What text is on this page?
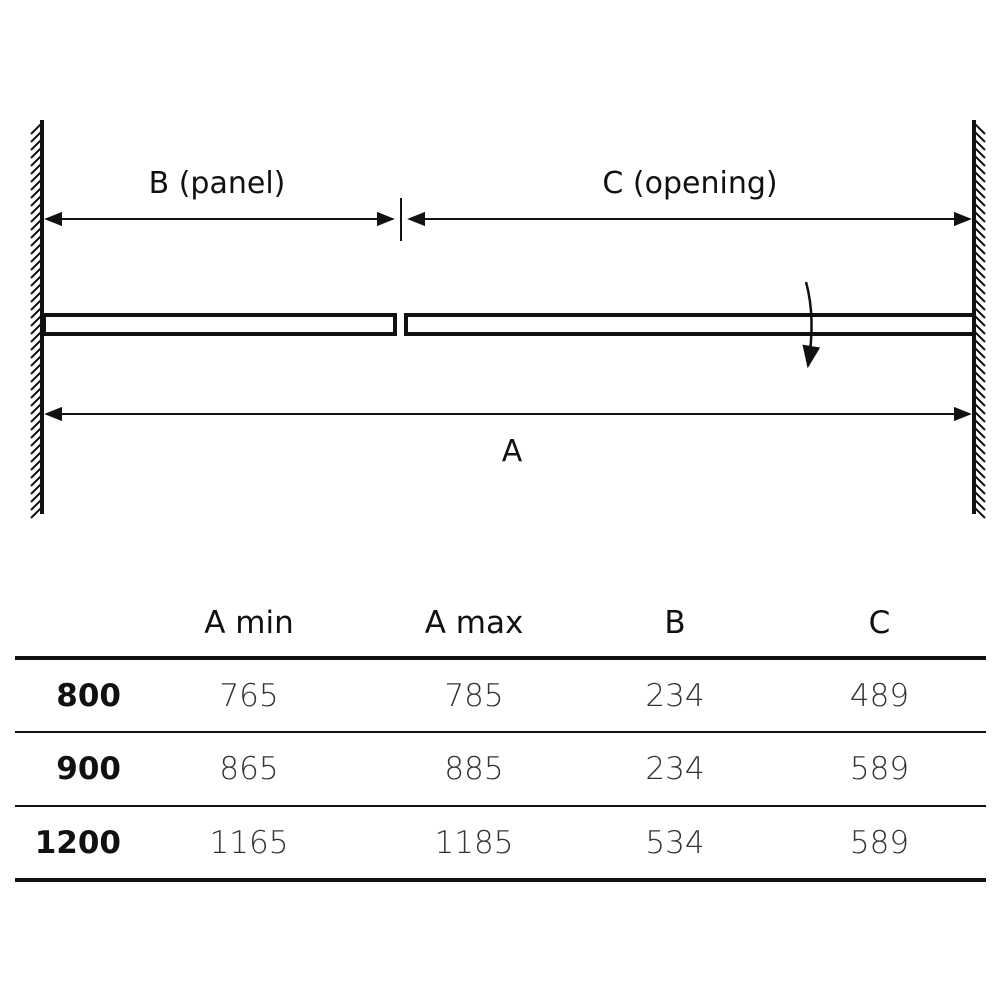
B (panel)	C (opening)
A
	A min	A max	B	C
800	765	785	234	489
900	865	885	234	589
1200	1165	1185	534	589
